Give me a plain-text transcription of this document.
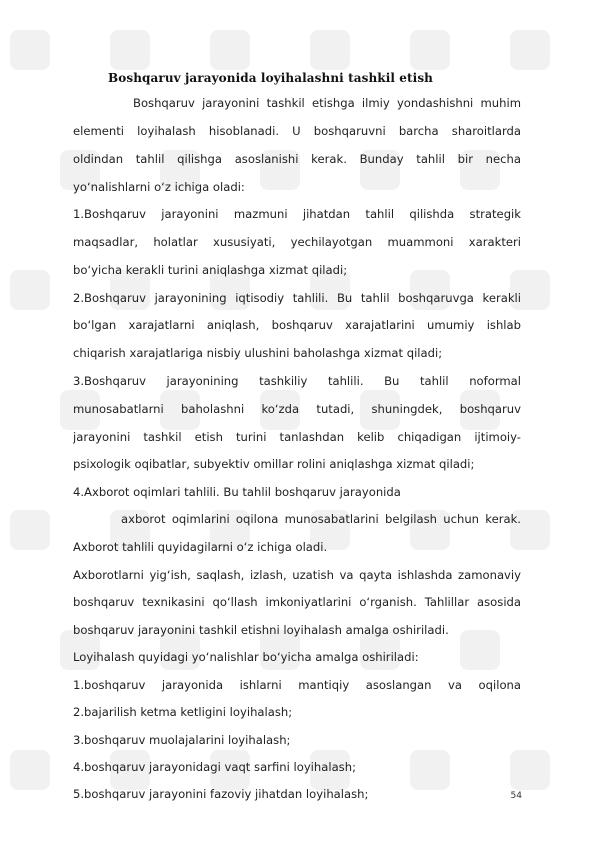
Boshqaruv jarayonida loyihalashni tashkil etish
Boshqaruv jarayonini tashkil etishga ilmiy yondashishni muhim
elementi loyihalash hisoblanadi. U boshqaruvni barcha sharoitlarda
oldindan tahlil qilishga asoslanishi kerak. Bunday tahlil bir necha
yo‘nalishlarni o‘z ichiga oladi:
1.Boshqaruv jarayonini mazmuni jihatdan tahlil qilishda strategik
maqsadlar, holatlar xususiyati, yechilayotgan muammoni xarakteri
bo‘yicha kerakli turini aniqlashga xizmat qiladi;
2.Boshqaruv jarayonining iqtisodiy tahlili. Bu tahlil boshqaruvga kerakli
bo‘lgan xarajatlarni aniqlash, boshqaruv xarajatlarini umumiy ishlab
chiqarish xarajatlariga nisbiy ulushini baholashga xizmat qiladi;
3.Boshqaruv jarayonining tashkiliy tahlili. Bu tahlil noformal
munosabatlarni baholashni ko‘zda tutadi, shuningdek, boshqaruv
jarayonini tashkil etish turini tanlashdan kelib chiqadigan ijtimoiy-
psixologik oqibatlar, subyektiv omillar rolini aniqlashga xizmat qiladi;
4.Axborot oqimlari tahlili. Bu tahlil boshqaruv jarayonida
axborot oqimlarini oqilona munosabatlarini belgilash uchun kerak.
Axborot tahlili quyidagilarni o‘z ichiga oladi.
Axborotlarni yig‘ish, saqlash, izlash, uzatish va qayta ishlashda zamonaviy
boshqaruv texnikasini qo‘llash imkoniyatlarini o‘rganish. Tahlillar asosida
boshqaruv jarayonini tashkil etishni loyihalash amalga oshiriladi.
Loyihalash quyidagi yo‘nalishlar bo‘yicha amalga oshiriladi:
1.boshqaruv jarayonida ishlarni mantiqiy asoslangan va oqilona
2.bajarilish ketma ketligini loyihalash;
3.boshqaruv muolajalarini loyihalash;
4.boshqaruv jarayonidagi vaqt sarfini loyihalash;
5.boshqaruv jarayonini fazoviy jihatdan loyihalash;	54
